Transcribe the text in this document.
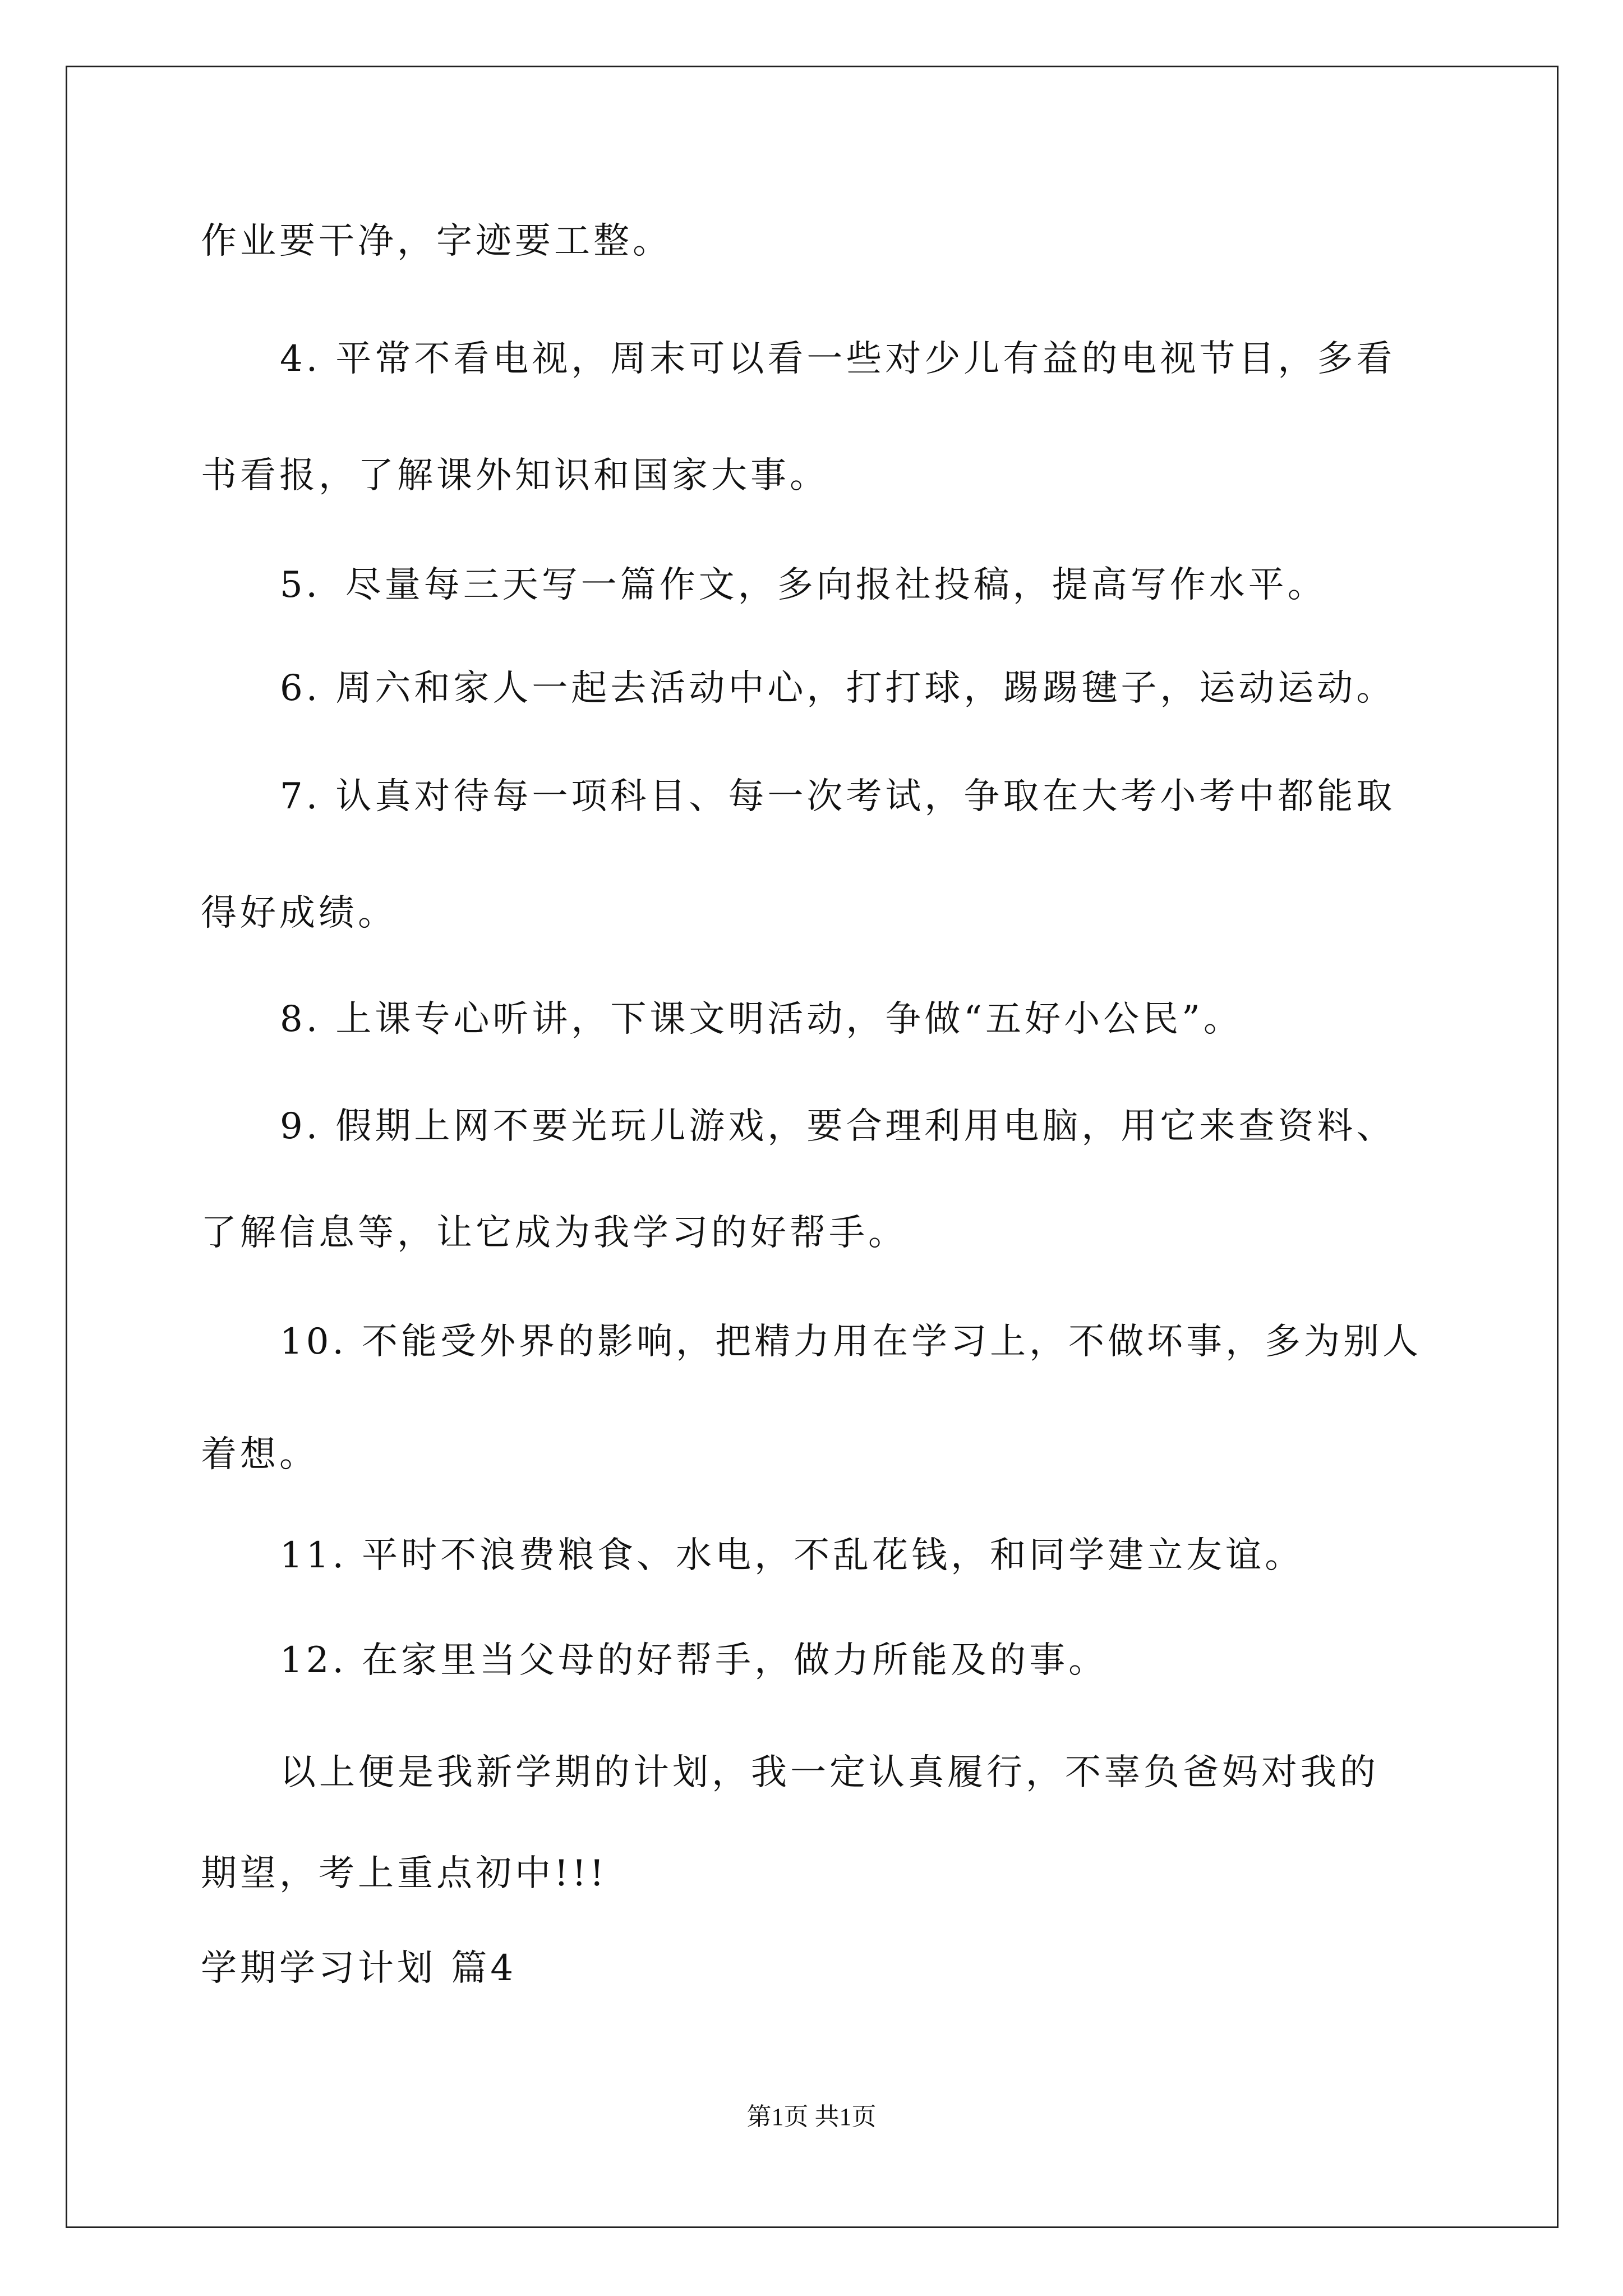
作业要干净，字迹要工整。
4. 平常不看电视，周末可以看一些对少儿有益的电视节目，多看
书看报，了解课外知识和国家大事。
5．尽量每三天写一篇作文，多向报社投稿，提高写作水平。
6. 周六和家人一起去活动中心，打打球，踢踢毽子，运动运动。
7. 认真对待每一项科目、每一次考试，争取在大考小考中都能取
得好成绩。
8. 上课专心听讲，下课文明活动，争做“五好小公民”。
9. 假期上网不要光玩儿游戏，要合理利用电脑，用它来查资料、
了解信息等，让它成为我学习的好帮手。
10. 不能受外界的影响，把精力用在学习上，不做坏事，多为别人
着想。
11. 平时不浪费粮食、水电，不乱花钱，和同学建立友谊。
12. 在家里当父母的好帮手，做力所能及的事。
以上便是我新学期的计划，我一定认真履行，不辜负爸妈对我的
期望，考上重点初中!!!
学期学习计划 篇4
第1页 共1页
